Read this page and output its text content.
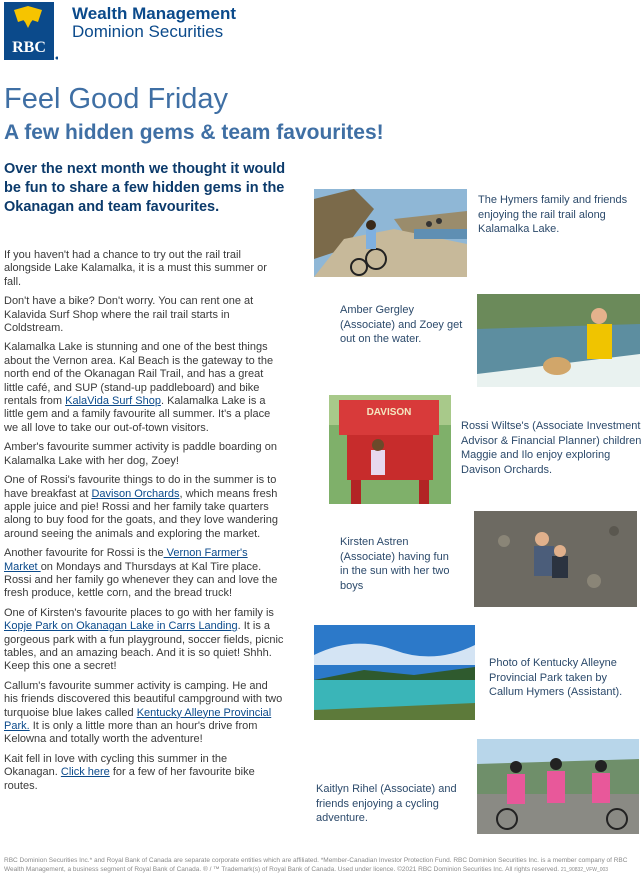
RBC
Wealth Management
Dominion Securities
Feel Good Friday
A few hidden gems & team favourites!
Over the next month we thought it would be fun to share a few hidden gems in the Okanagan and team favourites.

If you haven't had a chance to try out the rail trail alongside Lake Kalamalka, it is a must this summer or fall.

Don't have a bike? Don't worry. You can rent one at Kalavida Surf Shop where the rail trail starts in Coldstream.

Kalamalka Lake is stunning and one of the best things about the Vernon area. Kal Beach is the gateway to the north end of the Okanagan Rail Trail, and has a great little café, and SUP (stand-up paddleboard) and bike rentals from KalaVida Surf Shop. Kalamalka Lake is a little gem and a family favourite all summer. It's a place we all love to take our out-of-town visitors.

Amber's favourite summer activity is paddle boarding on Kalamalka Lake with her dog, Zoey!

One of Rossi's favourite things to do in the summer is to have breakfast at Davison Orchards, which means fresh apple juice and pie! Rossi and her family take quarters along to buy food for the goats, and they love wandering around seeing the animals and exploring the market.

Another favourite for Rossi is the Vernon Farmer's Market on Mondays and Thursdays at Kal Tire place. Rossi and her family go whenever they can and love the fresh produce, kettle corn, and the bread truck!

One of Kirsten's favourite places to go with her family is Kopje Park on Okanagan Lake in Carrs Landing. It is a gorgeous park with a fun playground, soccer fields, picnic tables, and an amazing beach. And it is so quiet! Shhh. Keep this one a secret!

Callum's favourite summer activity is camping. He and his friends discovered this beautiful campground with two turquoise blue lakes called Kentucky Alleyne Provincial Park. It is only a little more than an hour's drive from Kelowna and totally worth the adventure!

Kait fell in love with cycling this summer in the Okanagan. Click here for a few of her favourite bike routes.

The Hymers family and friends enjoying the rail trail along Kalamalka Lake.
Amber Gergley (Associate) and Zoey get out on the water.
DAVISON
Rossi Wiltse's (Associate Investment Advisor & Financial Planner) children Maggie and Ilo enjoy exploring Davison Orchards.
Kirsten Astren (Associate) having fun in the sun with her two boys
Photo of Kentucky Alleyne Provincial Park taken by Callum Hymers (Assistant).
Kaitlyn Rihel (Associate) and friends enjoying a cycling adventure.
RBC Dominion Securities Inc.* and Royal Bank of Canada are separate corporate entities which are affiliated. *Member-Canadian Investor Protection Fund. RBC Dominion Securities Inc. is a member company of RBC Wealth Management, a business segment of Royal Bank of Canada. ® / ™ Trademark(s) of Royal Bank of Canada. Used under licence. ©2021 RBC Dominion Securities Inc. All rights reserved. 21_90832_VFW_003
